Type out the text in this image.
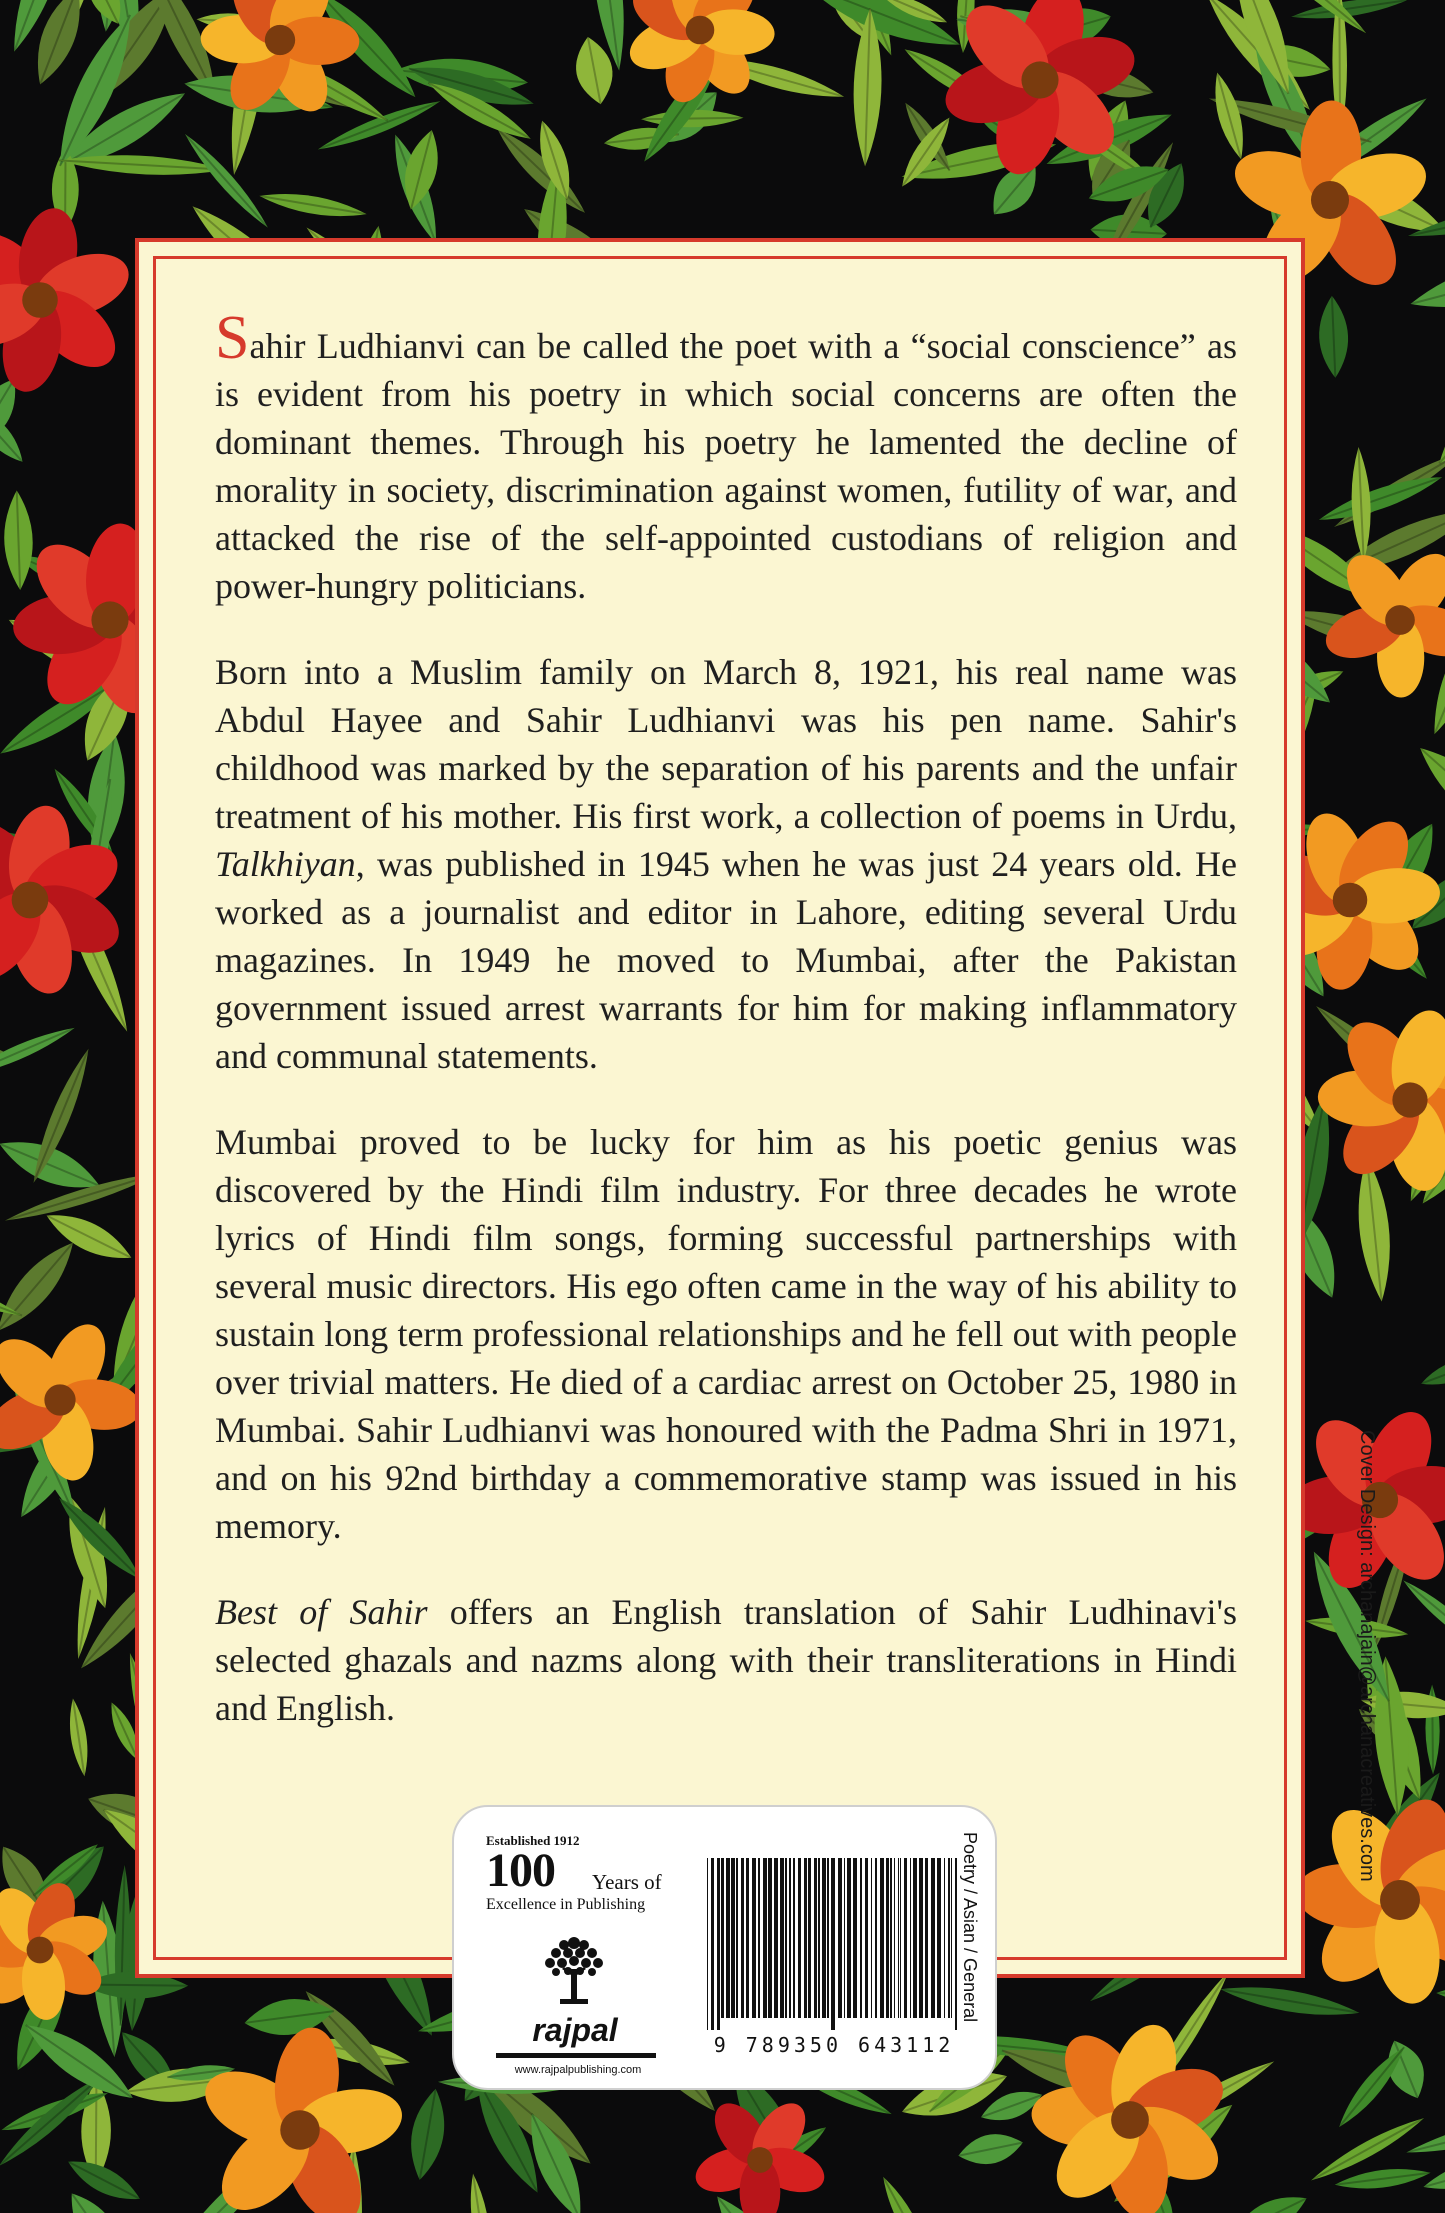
Sahir Ludhianvi can be called the poet with a “social conscience” as is evident from his poetry in which social concerns are often the dominant themes. Through his poetry he lamented the decline of morality in society, discrimination against women, futility of war, and attacked the rise of the self-appointed custodians of religion and power-hungry politicians.

Born into a Muslim family on March 8, 1921, his real name was Abdul Hayee and Sahir Ludhianvi was his pen name. Sahir's childhood was marked by the separation of his parents and the unfair treatment of his mother. His first work, a collection of poems in Urdu, Talkhiyan, was published in 1945 when he was just 24 years old. He worked as a journalist and editor in Lahore, editing several Urdu magazines. In 1949 he moved to Mumbai, after the Pakistan government issued arrest warrants for him for making inflammatory and communal statements.

Mumbai proved to be lucky for him as his poetic genius was discovered by the Hindi film industry. For three decades he wrote lyrics of Hindi film songs, forming successful partnerships with several music directors. His ego often came in the way of his ability to sustain long term professional relationships and he fell out with people over trivial matters. He died of a cardiac arrest on October 25, 1980 in Mumbai. Sahir Ludhianvi was honoured with the Padma Shri in 1971, and on his 92nd birthday a commemorative stamp was issued in his memory.

Best of Sahir offers an English translation of Sahir Ludhinavi's selected ghazals and nazms along with their transliterations in Hindi and English.	Cover Design: archanajain@archanacreatives.com
Established 1912
100 Years of
Excellence in Publishing
rajpal
www.rajpalpublishing.com
9 789350 643112
Poetry / Asian / General
